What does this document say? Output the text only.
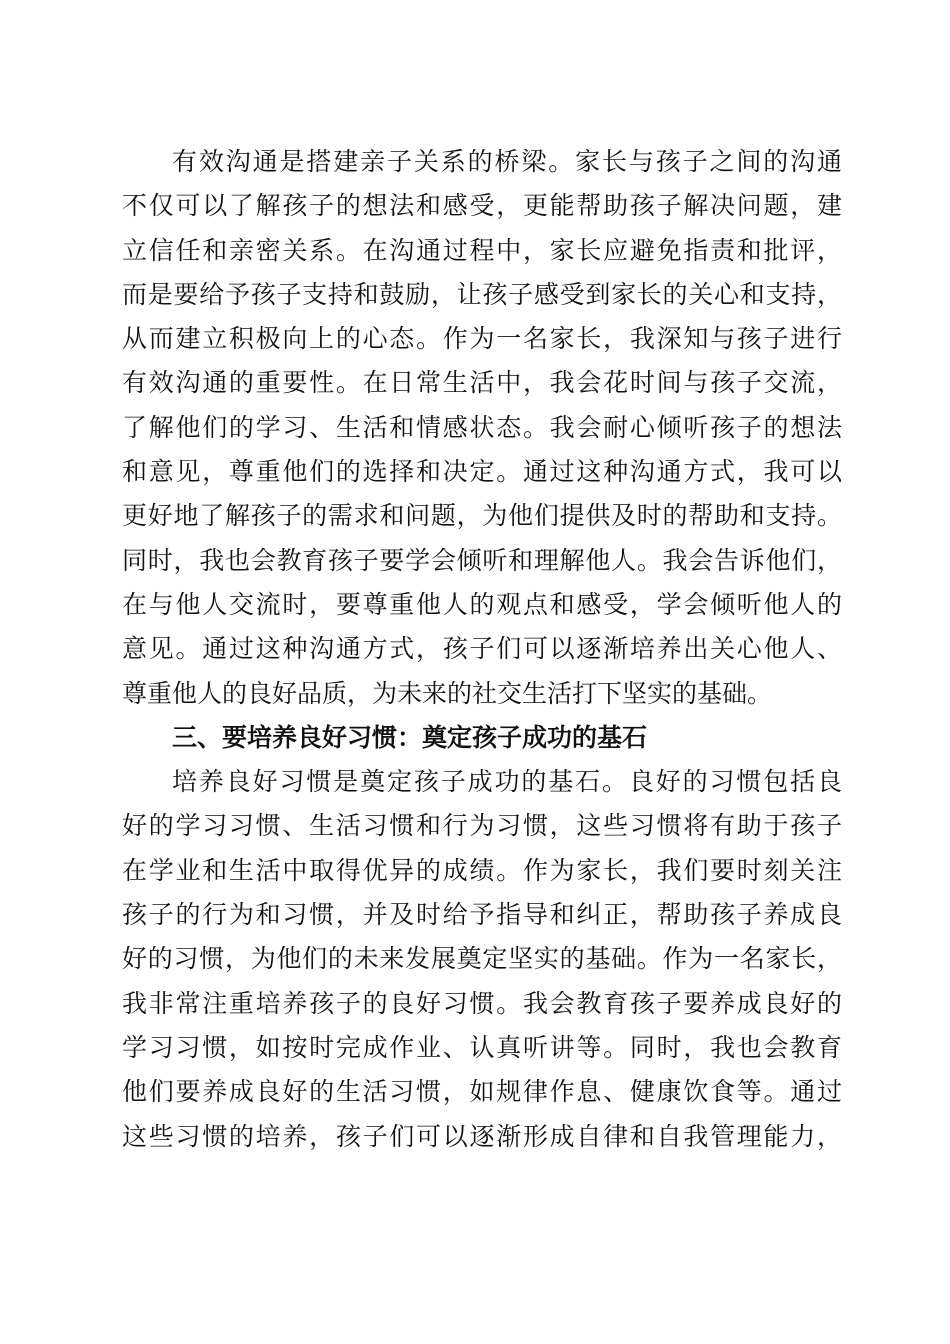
有效沟通是搭建亲子关系的桥梁。家长与孩子之间的沟通
不仅可以了解孩子的想法和感受，更能帮助孩子解决问题，建
立信任和亲密关系。在沟通过程中，家长应避免指责和批评，
而是要给予孩子支持和鼓励，让孩子感受到家长的关心和支持，
从而建立积极向上的心态。作为一名家长，我深知与孩子进行
有效沟通的重要性。在日常生活中，我会花时间与孩子交流，
了解他们的学习、生活和情感状态。我会耐心倾听孩子的想法
和意见，尊重他们的选择和决定。通过这种沟通方式，我可以
更好地了解孩子的需求和问题，为他们提供及时的帮助和支持。
同时，我也会教育孩子要学会倾听和理解他人。我会告诉他们，
在与他人交流时，要尊重他人的观点和感受，学会倾听他人的
意见。通过这种沟通方式，孩子们可以逐渐培养出关心他人、
尊重他人的良好品质，为未来的社交生活打下坚实的基础。
三、要培养良好习惯：奠定孩子成功的基石
培养良好习惯是奠定孩子成功的基石。良好的习惯包括良
好的学习习惯、生活习惯和行为习惯，这些习惯将有助于孩子
在学业和生活中取得优异的成绩。作为家长，我们要时刻关注
孩子的行为和习惯，并及时给予指导和纠正，帮助孩子养成良
好的习惯，为他们的未来发展奠定坚实的基础。作为一名家长，
我非常注重培养孩子的良好习惯。我会教育孩子要养成良好的
学习习惯，如按时完成作业、认真听讲等。同时，我也会教育
他们要养成良好的生活习惯，如规律作息、健康饮食等。通过
这些习惯的培养，孩子们可以逐渐形成自律和自我管理能力，
